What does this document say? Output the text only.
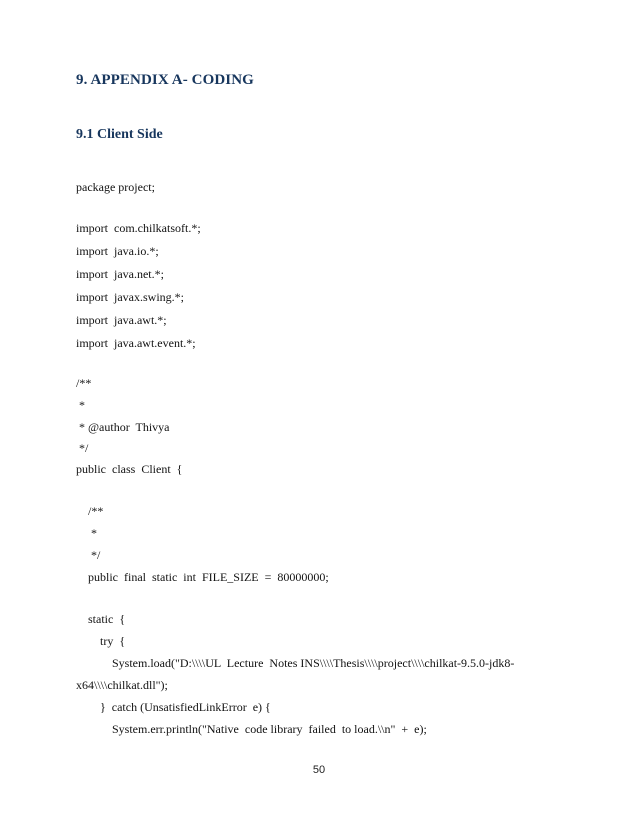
9. APPENDIX A- CODING
9.1 Client Side
package project;
import  com.chilkatsoft.*;
import  java.io.*;
import  java.net.*;
import  javax.swing.*;
import  java.awt.*;
import  java.awt.event.*;
/**
*
* @author  Thivya
*/
public  class  Client  {
/**
*
*/
public  final  static  int  FILE_SIZE  =  80000000;
static  {
try  {
System.load("D:\\\\UL  Lecture  Notes INS\\\\Thesis\\\\project\\\\chilkat-9.5.0-jdk8-
x64\\\\chilkat.dll");
}  catch (UnsatisfiedLinkError  e) {
System.err.println("Native  code library  failed  to load.\\n"  +  e);
50
